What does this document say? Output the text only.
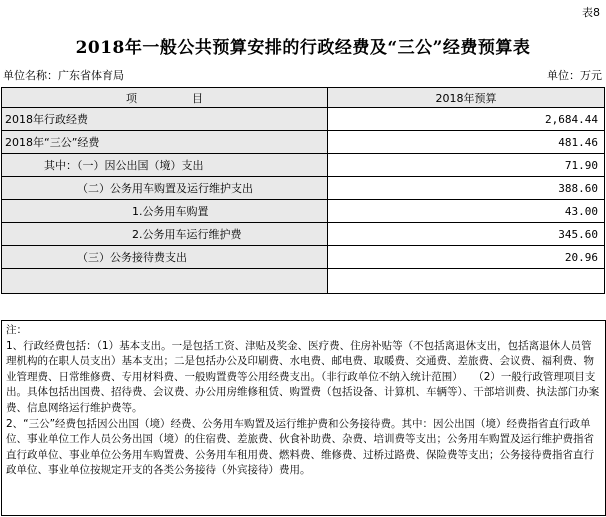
表8
2018年一般公共预算安排的行政经费及“三公”经费预算表
单位名称：广东省体育局	单位：万元
项　　　　　目	2018年预算
2018年行政经费	2,684.44
2018年“三公”经费	481.46
其中：（一）因公出国（境）支出	71.90
（二）公务用车购置及运行维护支出	388.60
1.公务用车购置	43.00
2.公务用车运行维护费	345.60
（三）公务接待费支出	20.96

注：

1、行政经费包括：（1）基本支出。一是包括工资、津贴及奖金、医疗费、住房补贴等（不包括离退休支出，包括离退休人员管理机构的在职人员支出）基本支出；二是包括办公及印刷费、水电费、邮电费、取暖费、交通费、差旅费、会议费、福利费、物业管理费、日常维修费、专用材料费、一般购置费等公用经费支出。（非行政单位不纳入统计范围）　　（2）一般行政管理项目支出。具体包括出国费、招待费、会议费、办公用房维修租赁、购置费（包括设备、计算机、车辆等）、干部培训费、执法部门办案费、信息网络运行维护费等。

2、“三公”经费包括因公出国（境）经费、公务用车购置及运行维护费和公务接待费。其中：因公出国（境）经费指省直行政单位、事业单位工作人员公务出国（境）的住宿费、差旅费、伙食补助费、杂费、培训费等支出；公务用车购置及运行维护费指省直行政单位、事业单位公务用车购置费、公务用车租用费、燃料费、维修费、过桥过路费、保险费等支出；公务接待费指省直行政单位、事业单位按规定开支的各类公务接待（外宾接待）费用。
